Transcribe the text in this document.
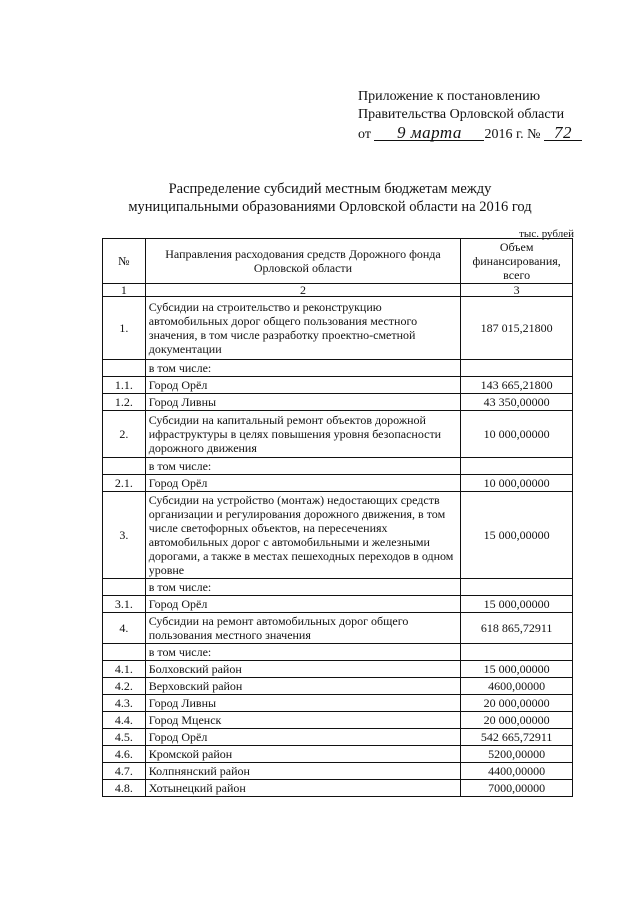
Приложение к постановлению
Правительства Орловской области
от 9 марта 2016 г. № 72
Распределение субсидий местным бюджетам между
муниципальными образованиями Орловской области на 2016 год
тыс. рублей
№	Направления расходования средств Дорожного фонда Орловской области	Объем финансирования, всего
1	2	3
1.	Субсидии на строительство и реконструкцию автомобильных дорог общего пользования местного значения, в том числе разработку проектно-сметной документации	187 015,21800
	в том числе:	
1.1.	Город Орёл	143 665,21800
1.2.	Город Ливны	43 350,00000
2.	Субсидии на капитальный ремонт объектов дорожной ифраструктуры в целях повышения уровня безопасности дорожного движения	10 000,00000
	в том числе:	
2.1.	Город Орёл	10 000,00000
3.	Субсидии на устройство (монтаж) недостающих средств организации и регулирования дорожного движения, в том числе светофорных объектов, на пересечениях автомобильных дорог с автомобильными и железными дорогами, а также в местах пешеходных переходов в одном уровне	15 000,00000
	в том числе:	
3.1.	Город Орёл	15 000,00000
4.	Субсидии на ремонт автомобильных дорог общего пользования местного значения	618 865,72911
	в том числе:	
4.1.	Болховский район	15 000,00000
4.2.	Верховский район	4600,00000
4.3.	Город Ливны	20 000,00000
4.4.	Город Мценск	20 000,00000
4.5.	Город Орёл	542 665,72911
4.6.	Кромской район	5200,00000
4.7.	Колпнянский район	4400,00000
4.8.	Хотынецкий район	7000,00000
